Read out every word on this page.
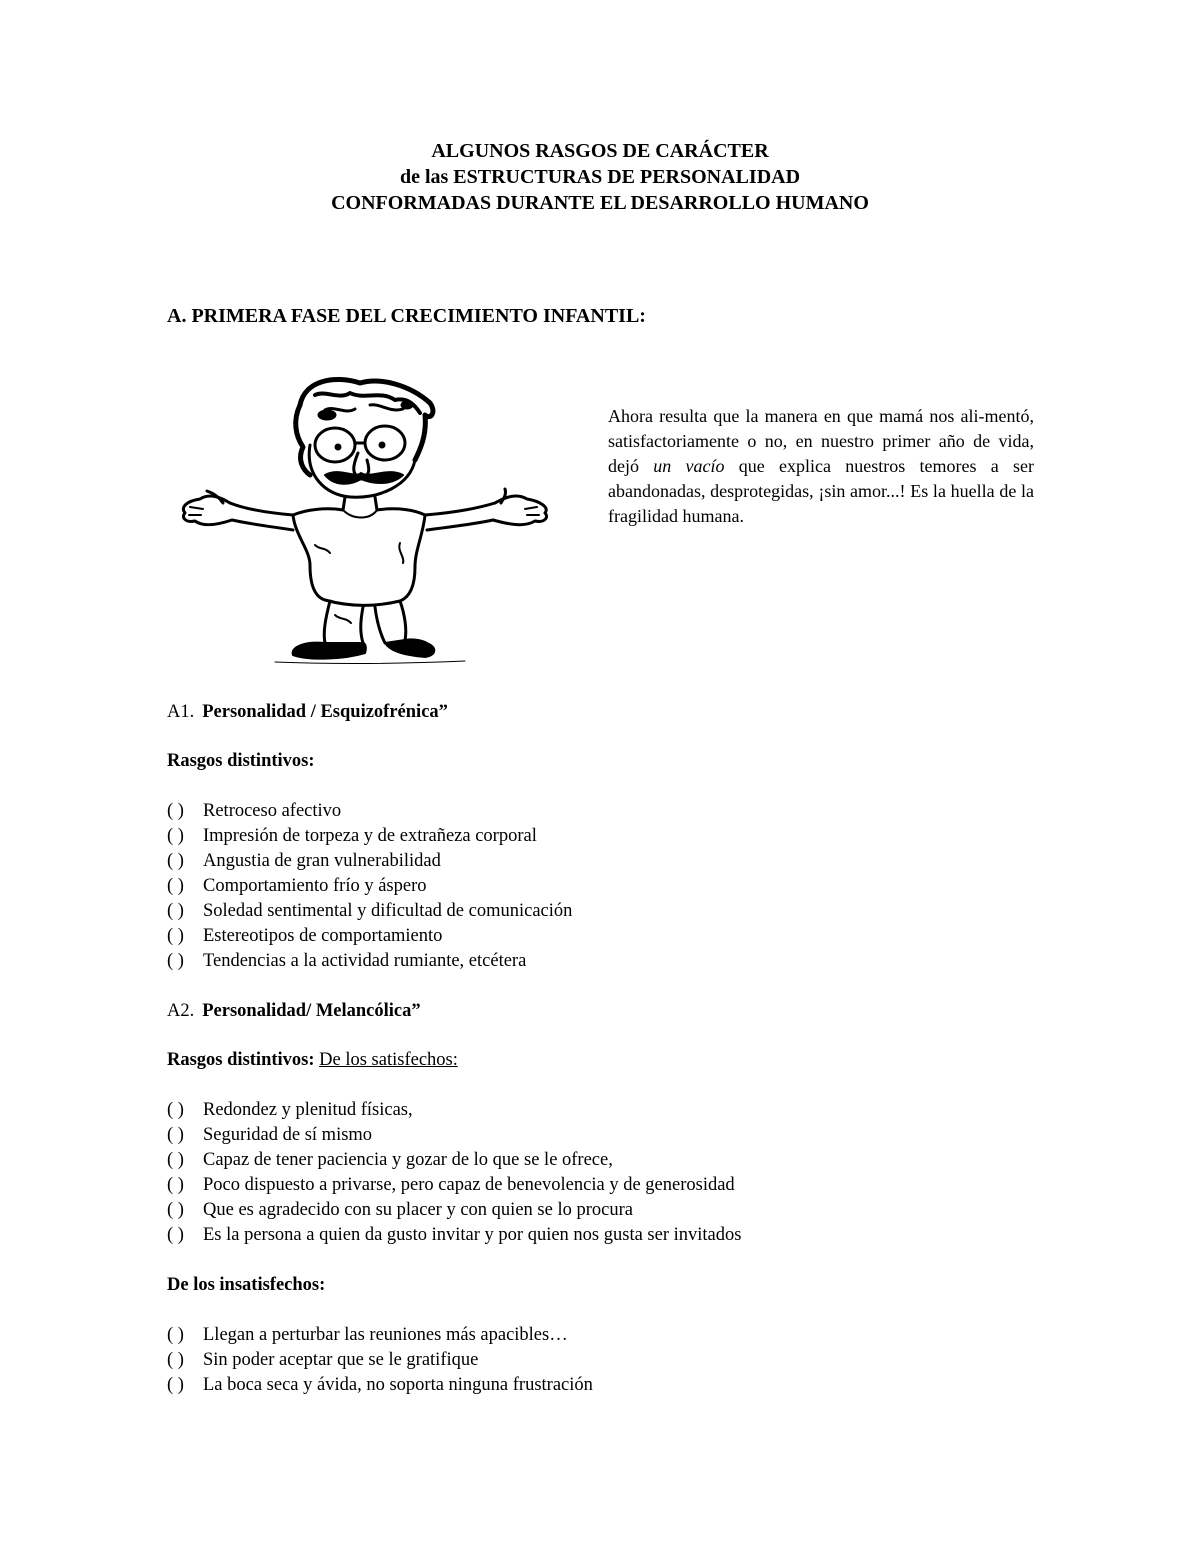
ALGUNOS RASGOS DE CARÁCTER
de las ESTRUCTURAS DE PERSONALIDAD
CONFORMADAS DURANTE EL DESARROLLO HUMANO
A. PRIMERA FASE DEL CRECIMIENTO INFANTIL:

Ahora resulta que la manera en que mamá nos ali-mentó, satisfactoriamente o no, en nuestro primer año de vida, dejó un vacío que explica nuestros temores a ser abandonadas, desprotegidas, ¡sin amor...! Es la huella de la fragilidad humana.

A1. Personalidad / Esquizofrénica”

Rasgos distintivos:

( ) Retroceso afectivo
( ) Impresión de torpeza y de extrañeza corporal
( ) Angustia de gran vulnerabilidad
( ) Comportamiento frío y áspero
( ) Soledad sentimental y dificultad de comunicación
( ) Estereotipos de comportamiento
( ) Tendencias a la actividad rumiante, etcétera

A2. Personalidad/ Melancólica”

Rasgos distintivos: De los satisfechos:

( ) Redondez y plenitud físicas,
( ) Seguridad de sí mismo
( ) Capaz de tener paciencia y gozar de lo que se le ofrece,
( ) Poco dispuesto a privarse, pero capaz de benevolencia y de generosidad
( ) Que es agradecido con su placer y con quien se lo procura
( ) Es la persona a quien da gusto invitar y por quien nos gusta ser invitados

De los insatisfechos:

( ) Llegan a perturbar las reuniones más apacibles…
( ) Sin poder aceptar que se le gratifique
( ) La boca seca y ávida, no soporta ninguna frustración
